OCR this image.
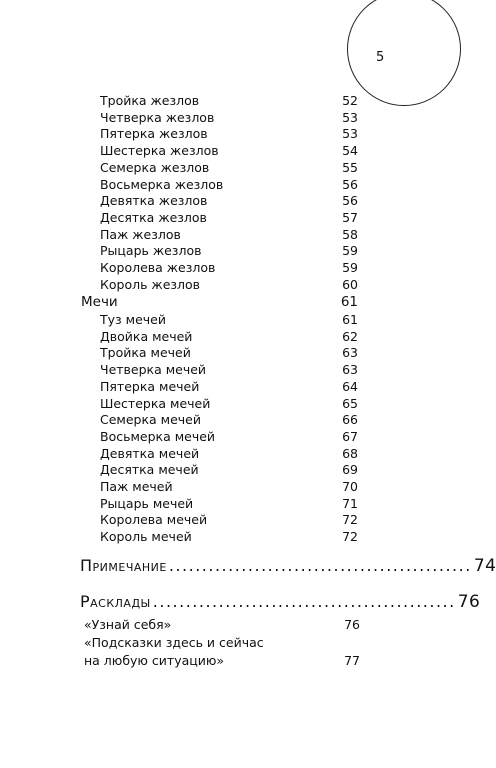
5
Тройка жезлов	52
Четверка жезлов	53
Пятерка жезлов	53
Шестерка жезлов	54
Семерка жезлов	55
Восьмерка жезлов	56
Девятка жезлов	56
Десятка жезлов	57
Паж жезлов	58
Рыцарь жезлов	59
Королева жезлов	59
Король жезлов	60
Мечи	61
Туз мечей	61
Двойка мечей	62
Тройка мечей	63
Четверка мечей	63
Пятерка мечей	64
Шестерка мечей	65
Семерка мечей	66
Восьмерка мечей	67
Девятка мечей	68
Десятка мечей	69
Паж мечей	70
Рыцарь мечей	71
Королева мечей	72
Король мечей	72
Примечание .............................................. 74
Расклады .............................................. 76
«Узнай себя»	76
«Подсказки здесь и сейчас
на любую ситуацию»	77
